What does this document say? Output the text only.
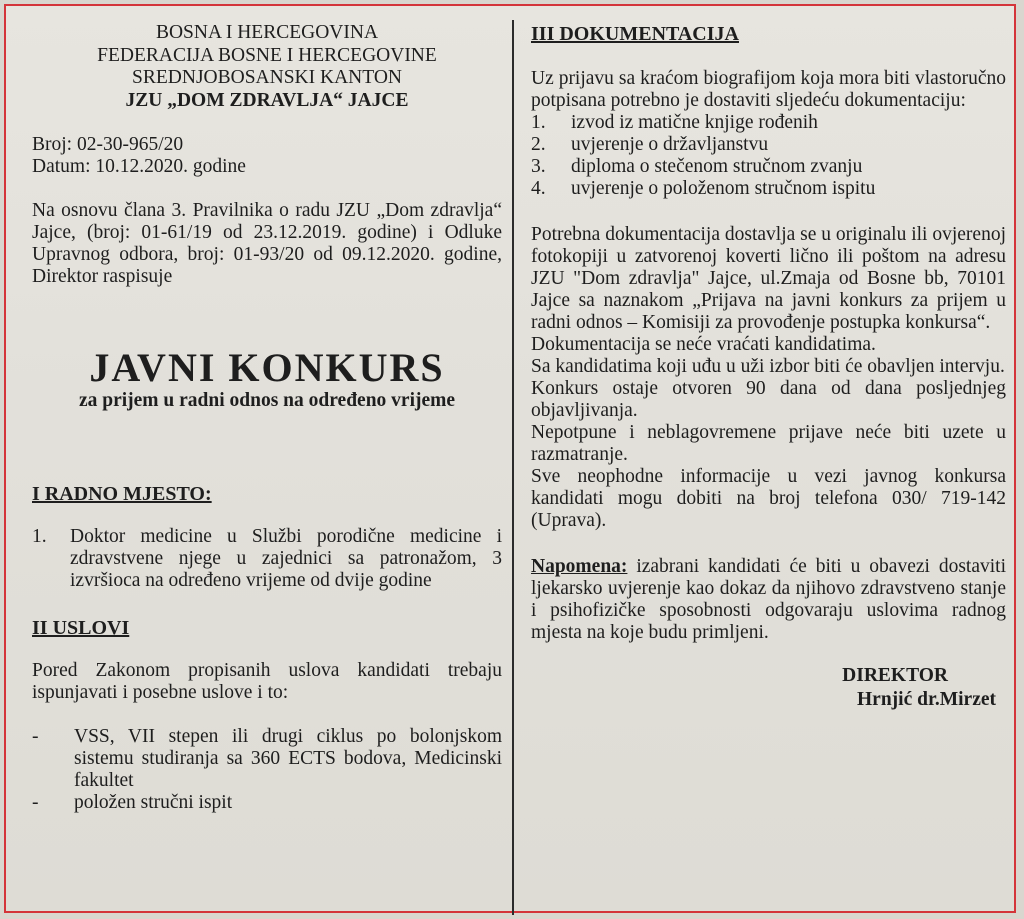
BOSNA I HERCEGOVINA
FEDERACIJA BOSNE I HERCEGOVINE
SREDNJOBOSANSKI KANTON
JZU „DOM ZDRAVLJA“ JAJCE
Broj: 02-30-965/20
Datum: 10.12.2020. godine
Na osnovu člana 3. Pravilnika o radu JZU „Dom zdravlja“ Jajce, (broj: 01-61/19 od 23.12.2019. godine) i Odluke Upravnog odbora, broj: 01-93/20 od 09.12.2020. godine, Direktor raspisuje
JAVNI KONKURS
za prijem u radni odnos na određeno vrijeme
I RADNO MJESTO:
1.	Doktor medicine u Službi porodične medicine i zdravstvene njege u zajednici sa patronažom, 3 izvršioca na određeno vrijeme od dvije godine
II USLOVI
Pored Zakonom propisanih uslova kandidati trebaju ispunjavati i posebne uslove i to:
-	VSS, VII stepen ili drugi ciklus po bolonjskom sistemu studiranja sa 360 ECTS bodova, Medicinski fakultet
-	položen stručni ispit
III DOKUMENTACIJA
Uz prijavu sa kraćom biografijom koja mora biti vlastoručno potpisana potrebno je dostaviti sljedeću dokumentaciju:
1.	izvod iz matične knjige rođenih
2.	uvjerenje o državljanstvu
3.	diploma o stečenom stručnom zvanju
4.	uvjerenje o položenom stručnom ispitu
Potrebna dokumentacija dostavlja se u originalu ili ovjerenoj fotokopiji u zatvorenoj koverti lično ili poštom na adresu JZU "Dom zdravlja" Jajce, ul.Zmaja od Bosne bb, 70101 Jajce sa naznakom „Prijava na javni konkurs za prijem u radni odnos – Komisiji za provođenje postupka konkursa“.
Dokumentacija se neće vraćati kandidatima.
Sa kandidatima koji uđu u uži izbor biti će obavljen intervju.
Konkurs ostaje otvoren 90 dana od dana posljednjeg objavljivanja.
Nepotpune i neblagovremene prijave neće biti uzete u razmatranje.
Sve neophodne informacije u vezi javnog konkursa kandidati mogu dobiti na broj telefona 030/ 719-142 (Uprava).
Napomena: izabrani kandidati će biti u obavezi dostaviti ljekarsko uvjerenje kao dokaz da njihovo zdravstveno stanje i psihofizičke sposobnosti odgovaraju uslovima radnog mjesta na koje budu primljeni.
DIREKTOR
Hrnjić dr.Mirzet
